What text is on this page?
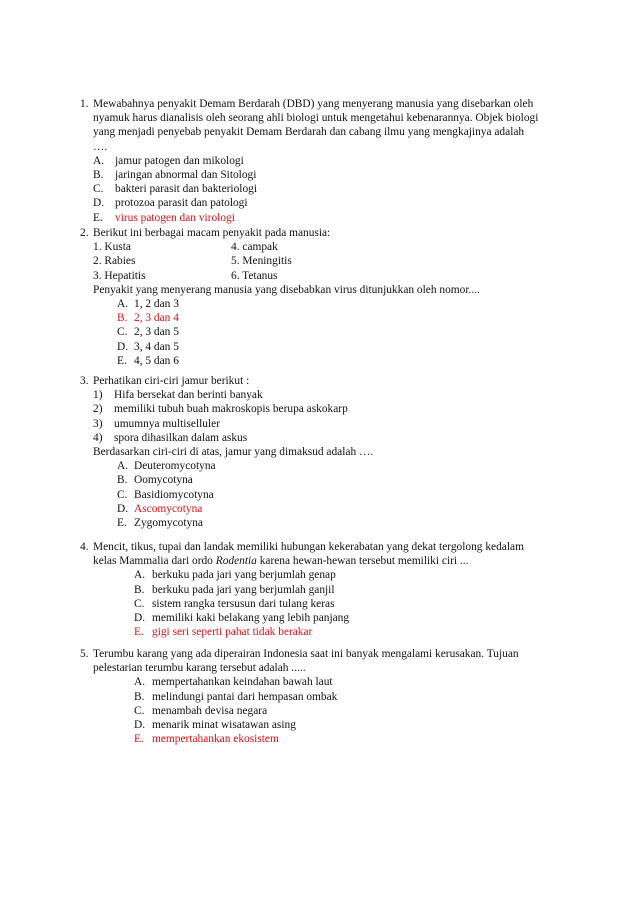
1. Mewabahnya penyakit Demam Berdarah (DBD) yang menyerang manusia yang disebarkan oleh
nyamuk harus dianalisis oleh seorang ahli biologi untuk mengetahui kebenarannya. Objek biologi
yang menjadi penyebab penyakit Demam Berdarah dan cabang ilmu yang mengkajinya adalah
….
A. jamur patogen dan mikologi
B. jaringan abnormal dan Sitologi
C. bakteri parasit dan bakteriologi
D. protozoa parasit dan patologi
E. virus patogen dan virologi
2. Berikut ini berbagai macam penyakit pada manusia:
1. Kusta	4. campak
2. Rabies	5. Meningitis
3. Hepatitis	6. Tetanus
Penyakit yang menyerang manusia yang disebabkan virus ditunjukkan oleh nomor....
A. 1, 2 dan 3
B. 2, 3 dan 4
C. 2, 3 dan 5
D. 3, 4 dan 5
E. 4, 5 dan 6
3. Perhatikan ciri-ciri jamur berikut :
1) Hifa bersekat dan berinti banyak
2) memiliki tubuh buah makroskopis berupa askokarp
3) umumnya multiselluler
4) spora dihasilkan dalam askus
Berdasarkan ciri-ciri di atas, jamur yang dimaksud adalah ….
A. Deuteromycotyna
B. Oomycotyna
C. Basidiomycotyna
D. Ascomycotyna
E. Zygomycotyna
4. Mencit, tikus, tupai dan landak memiliki hubungan kekerabatan yang dekat tergolong kedalam
kelas Mammalia dari ordo Rodentia karena hewan-hewan tersebut memiliki ciri ...
A. berkuku pada jari yang berjumlah genap
B. berkuku pada jari yang berjumlah ganjil
C. sistem rangka tersusun dari tulang keras
D. memiliki kaki belakang yang lebih panjang
E. gigi seri seperti pahat tidak berakar
5. Terumbu karang yang ada diperairan Indonesia saat ini banyak mengalami kerusakan. Tujuan
pelestarian terumbu karang tersebut adalah .....
A. mempertahankan keindahan bawah laut
B. melindungi pantai dari hempasan ombak
C. menambah devisa negara
D. menarik minat wisatawan asing
E. mempertahankan ekosistem
